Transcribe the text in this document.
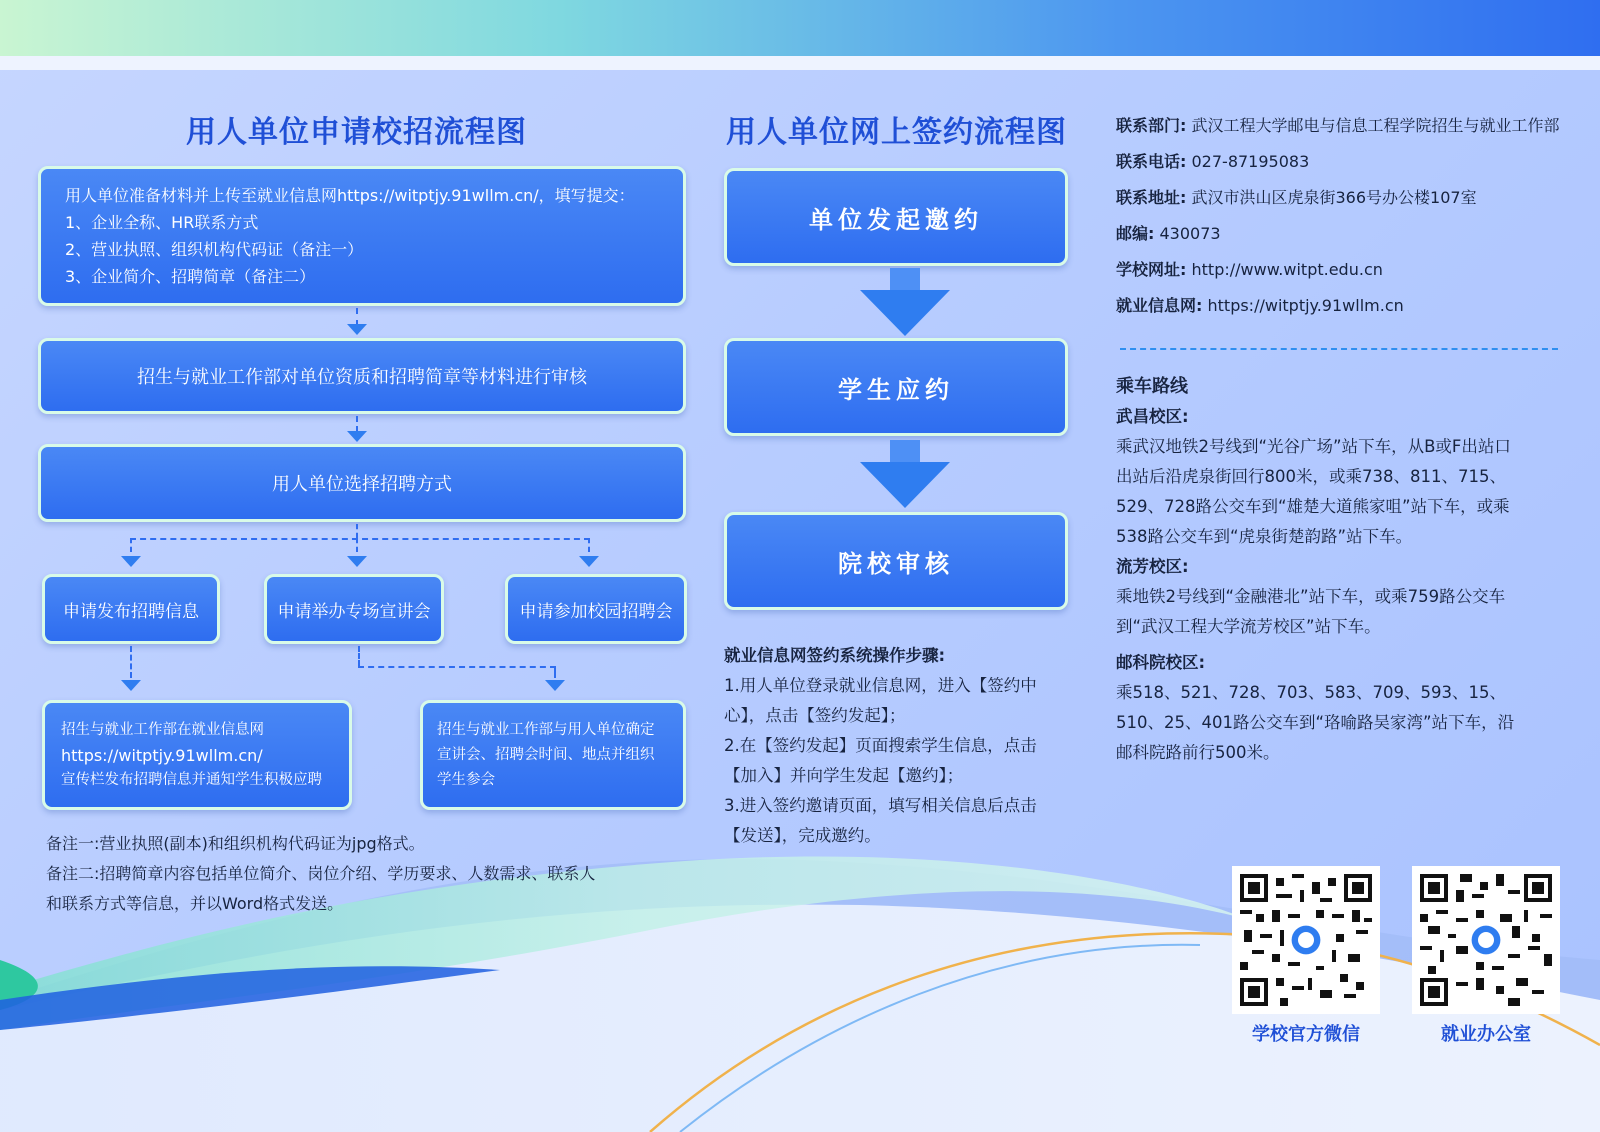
用人单位申请校招流程图
用人单位准备材料并上传至就业信息网https://witptjy.91wllm.cn/，填写提交：
1、企业全称、HR联系方式
2、营业执照、组织机构代码证（备注一）
3、企业简介、招聘简章（备注二）
招生与就业工作部对单位资质和招聘简章等材料进行审核
用人单位选择招聘方式
申请发布招聘信息	申请举办专场宣讲会	申请参加校园招聘会
招生与就业工作部在就业信息网
https://witptjy.91wllm.cn/
宣传栏发布招聘信息并通知学生积极应聘
招生与就业工作部与用人单位确定
宣讲会、招聘会时间、地点并组织
学生参会
备注一:营业执照(副本)和组织机构代码证为jpg格式。
备注二:招聘简章内容包括单位简介、岗位介绍、学历要求、人数需求、联系人
和联系方式等信息，并以Word格式发送。
用人单位网上签约流程图
单位发起邀约
学生应约
院校审核
就业信息网签约系统操作步骤:
1.用人单位登录就业信息网，进入【签约中
心】，点击【签约发起】；
2.在【签约发起】页面搜索学生信息，点击
【加入】并向学生发起【邀约】；
3.进入签约邀请页面，填写相关信息后点击
【发送】，完成邀约。
联系部门: 武汉工程大学邮电与信息工程学院招生与就业工作部
联系电话: 027-87195083
联系地址: 武汉市洪山区虎泉街366号办公楼107室
邮编: 430073
学校网址: http://www.witpt.edu.cn
就业信息网: https://witptjy.91wllm.cn
乘车路线
武昌校区:
乘武汉地铁2号线到“光谷广场”站下车，从B或F出站口
出站后沿虎泉街回行800米，或乘738、811、715、
529、728路公交车到“雄楚大道熊家咀”站下车，或乘
538路公交车到“虎泉街楚韵路”站下车。
流芳校区:
乘地铁2号线到“金融港北”站下车，或乘759路公交车
到“武汉工程大学流芳校区”站下车。
邮科院校区:
乘518、521、728、703、583、709、593、15、
510、25、401路公交车到“珞喻路吴家湾”站下车，沿
邮科院路前行500米。
学校官方微信	就业办公室
